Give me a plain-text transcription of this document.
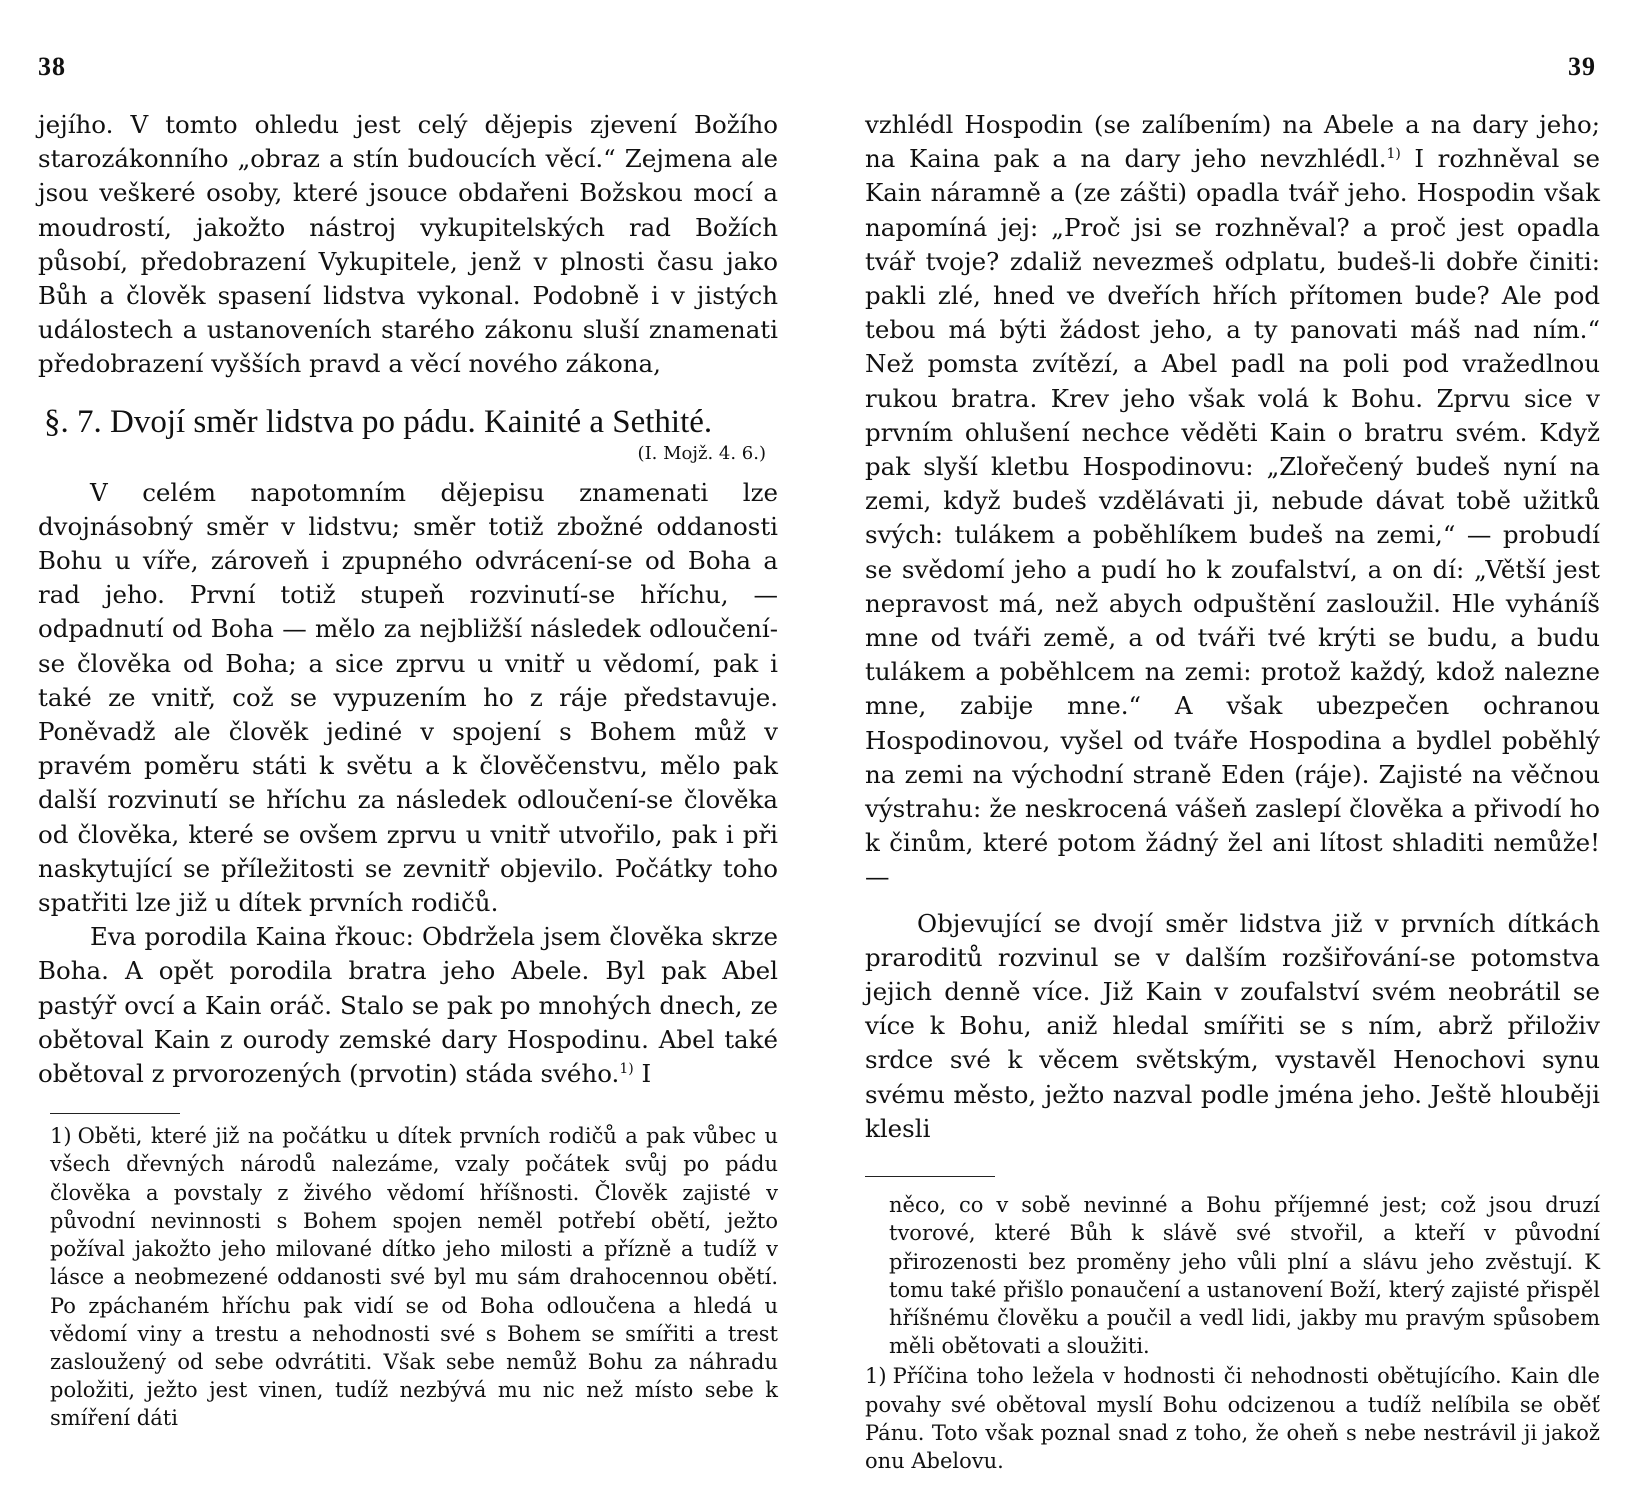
38

jejího. V tomto ohledu jest celý dějepis zjevení Božího starozákonního „obraz a stín budoucích věcí.“ Zejmena ale jsou veškeré osoby, které jsouce obdařeni Božskou mocí a moudrostí, jakožto nástroj vykupitelských rad Božích působí, předobrazení Vykupitele, jenž v plnosti času jako Bůh a člověk spasení lidstva vykonal. Podobně i v jistých událostech a ustanoveních starého zákonu sluší znamenati předobrazení vyšších pravd a věcí nového zákona,

§. 7. Dvojí směr lidstva po pádu. Kainité a Sethité.
(I. Mojž. 4. 6.)

V celém napotomním dějepisu znamenati lze dvojnásobný směr v lidstvu; směr totiž zbožné oddanosti Bohu u víře, zároveň i zpupného odvrácení-se od Boha a rad jeho. První totiž stupeň rozvinutí-se hříchu, — odpadnutí od Boha — mělo za nejbližší následek odloučení-se člověka od Boha; a sice zprvu u vnitř u vědomí, pak i také ze vnitř, což se vypuzením ho z ráje představuje. Poněvadž ale člověk jediné v spojení s Bohem můž v pravém poměru státi k světu a k člověčenstvu, mělo pak další rozvinutí se hříchu za následek odloučení-se člověka od člověka, které se ovšem zprvu u vnitř utvořilo, pak i při naskytující se příležitosti se zevnitř objevilo. Počátky toho spatřiti lze již u dítek prvních rodičů.

Eva porodila Kaina řkouc: Obdržela jsem člověka skrze Boha. A opět porodila bratra jeho Abele. Byl pak Abel pastýř ovcí a Kain oráč. Stalo se pak po mnohých dnech, ze obětoval Kain z ourody zemské dary Hospodinu. Abel také obětoval z prvorozených (prvotin) stáda svého.$^{1)}$ I

1) Oběti, které již na počátku u dítek prvních rodičů a pak vůbec u všech dřevných národů nalezáme, vzaly počátek svůj po pádu člověka a povstaly z živého vědomí hříšnosti. Člověk zajisté v původní nevinnosti s Bohem spojen neměl potřebí obětí, ježto požíval jakožto jeho milované dítko jeho milosti a přízně a tudíž v lásce a neobmezené oddanosti své byl mu sám drahocennou obětí. Po zpáchaném hříchu pak vidí se od Boha odloučena a hledá u vědomí viny a trestu a nehodnosti své s Bohem se smířiti a trest zasloužený od sebe odvrátiti. Však sebe nemůž Bohu za náhradu položiti, ježto jest vinen, tudíž nezbývá mu nic než místo sebe k smíření dáti
39

vzhlédl Hospodin (se zalíbením) na Abele a na dary jeho; na Kaina pak a na dary jeho nevzhlédl.$^{1)}$ I rozhněval se Kain náramně a (ze zášti) opadla tvář jeho. Hospodin však napomíná jej: „Proč jsi se rozhněval? a proč jest opadla tvář tvoje? zdaliž nevezmeš odplatu, budeš-li dobře činiti: pakli zlé, hned ve dveřích hřích přítomen bude? Ale pod tebou má býti žádost jeho, a ty panovati máš nad ním.“ Než pomsta zvítězí, a Abel padl na poli pod vražedlnou rukou bratra. Krev jeho však volá k Bohu. Zprvu sice v prvním ohlušení nechce věděti Kain o bratru svém. Když pak slyší kletbu Hospodinovu: „Zlořečený budeš nyní na zemi, když budeš vzdělávati ji, nebude dávat tobě užitků svých: tulákem a poběhlíkem budeš na zemi,“ — probudí se svědomí jeho a pudí ho k zoufalství, a on dí: „Větší jest nepravost má, než abych odpuštění zasloužil. Hle vyháníš mne od tváři země, a od tváři tvé krýti se budu, a budu tulákem a poběhlcem na zemi: protož každý, kdož nalezne mne, zabije mne.“ A však ubezpečen ochranou Hospodinovou, vyšel od tváře Hospodina a bydlel poběhlý na zemi na východní straně Eden (ráje). Zajisté na věčnou výstrahu: že neskrocená vášeň zaslepí člověka a přivodí ho k činům, které potom žádný žel ani lítost shladiti nemůže! —

Objevující se dvojí směr lidstva již v prvních dítkách praroditů rozvinul se v dalším rozšiřování-se potomstva jejich denně více. Již Kain v zoufalství svém neobrátil se více k Bohu, aniž hledal smířiti se s ním, abrž přiloživ srdce své k věcem světským, vystavěl Henochovi synu svému město, ježto nazval podle jména jeho. Ještě hlouběji klesli

něco, co v sobě nevinné a Bohu příjemné jest; což jsou druzí tvorové, které Bůh k slávě své stvořil, a kteří v původní přirozenosti bez proměny jeho vůli plní a slávu jeho zvěstují. K tomu také přišlo ponaučení a ustanovení Boží, který zajisté přispěl hříšnému člověku a poučil a vedl lidi, jakby mu pravým spůsobem měli obětovati a sloužiti.
1) Příčina toho ležela v hodnosti či nehodnosti obětujícího. Kain dle povahy své obětoval myslí Bohu odcizenou a tudíž nelíbila se oběť Pánu. Toto však poznal snad z toho, že oheň s nebe nestrávil ji jakož onu Abelovu.
